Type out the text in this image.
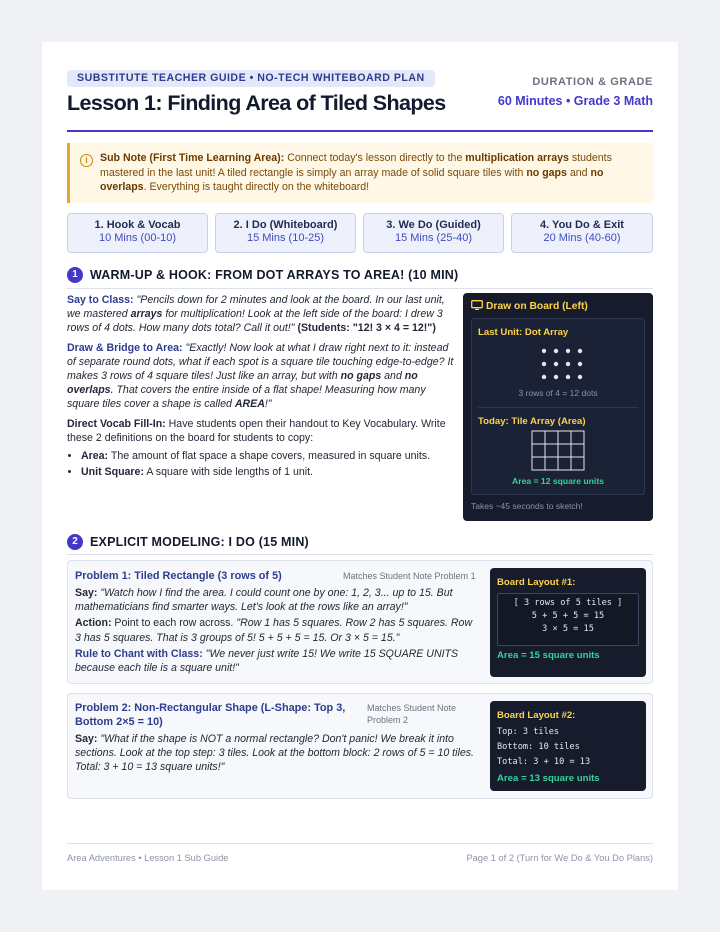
SUBSTITUTE TEACHER GUIDE • NO-TECH WHITEBOARD PLAN
Lesson 1: Finding Area of Tiled Shapes
DURATION & GRADE
60 Minutes • Grade 3 Math
i	Sub Note (First Time Learning Area): Connect today's lesson directly to the multiplication arrays students mastered in the last unit! A tiled rectangle is simply an array made of solid square tiles with no gaps and no overlaps. Everything is taught directly on the whiteboard!
1. Hook & Vocab
10 Mins (00-10)
2. I Do (Whiteboard)
15 Mins (10-25)
3. We Do (Guided)
15 Mins (25-40)
4. You Do & Exit
20 Mins (40-60)
1 WARM-UP & HOOK: FROM DOT ARRAYS TO AREA! (10 MIN)

Say to Class: "Pencils down for 2 minutes and look at the board. In our last unit, we mastered arrays for multiplication! Look at the left side of the board: I drew 3 rows of 4 dots. How many dots total? Call it out!" (Students: "12! 3 × 4 = 12!")

Draw & Bridge to Area: "Exactly! Now look at what I draw right next to it: instead of separate round dots, what if each spot is a square tile touching edge-to-edge? It makes 3 rows of 4 square tiles! Just like an array, but with no gaps and no overlaps. That covers the entire inside of a flat shape! Measuring how many square tiles cover a shape is called AREA!"

Direct Vocab Fill-In: Have students open their handout to Key Vocabulary. Write these 2 definitions on the board for students to copy:

• Area: The amount of flat space a shape covers, measured in square units.
• Unit Square: A square with side lengths of 1 unit.
Draw on Board (Left)
Last Unit: Dot Array
3 rows of 4 = 12 dots
Today: Tile Array (Area)
Area = 12 square units
Takes ~45 seconds to sketch!
2 EXPLICIT MODELING: I DO (15 MIN)
Problem 1: Tiled Rectangle (3 rows of 5)	Matches Student Note Problem 1

Say: "Watch how I find the area. I could count one by one: 1, 2, 3... up to 15. But mathematicians find smarter ways. Let's look at the rows like an array!"

Action: Point to each row across. "Row 1 has 5 squares. Row 2 has 5 squares. Row 3 has 5 squares. That is 3 groups of 5! 5 + 5 + 5 = 15. Or 3 × 5 = 15."

Rule to Chant with Class: "We never just write 15! We write 15 SQUARE UNITS because each tile is a square unit!"

Board Layout #1:
[ 3 rows of 5 tiles ]
5 + 5 + 5 = 15
3 × 5 = 15
Area = 15 square units
Problem 2: Non-Rectangular Shape (L-Shape: Top 3, Bottom 2×5 = 10)
Matches Student Note Problem 2

Say: "What if the shape is NOT a normal rectangle? Don't panic! We break it into sections. Look at the top step: 3 tiles. Look at the bottom block: 2 rows of 5 = 10 tiles. Total: 3 + 10 = 13 square units!"

Board Layout #2:
Top: 3 tiles
Bottom: 10 tiles
Total: 3 + 10 = 13
Area = 13 square units
Area Adventures • Lesson 1 Sub Guide	Page 1 of 2 (Turn for We Do & You Do Plans)
